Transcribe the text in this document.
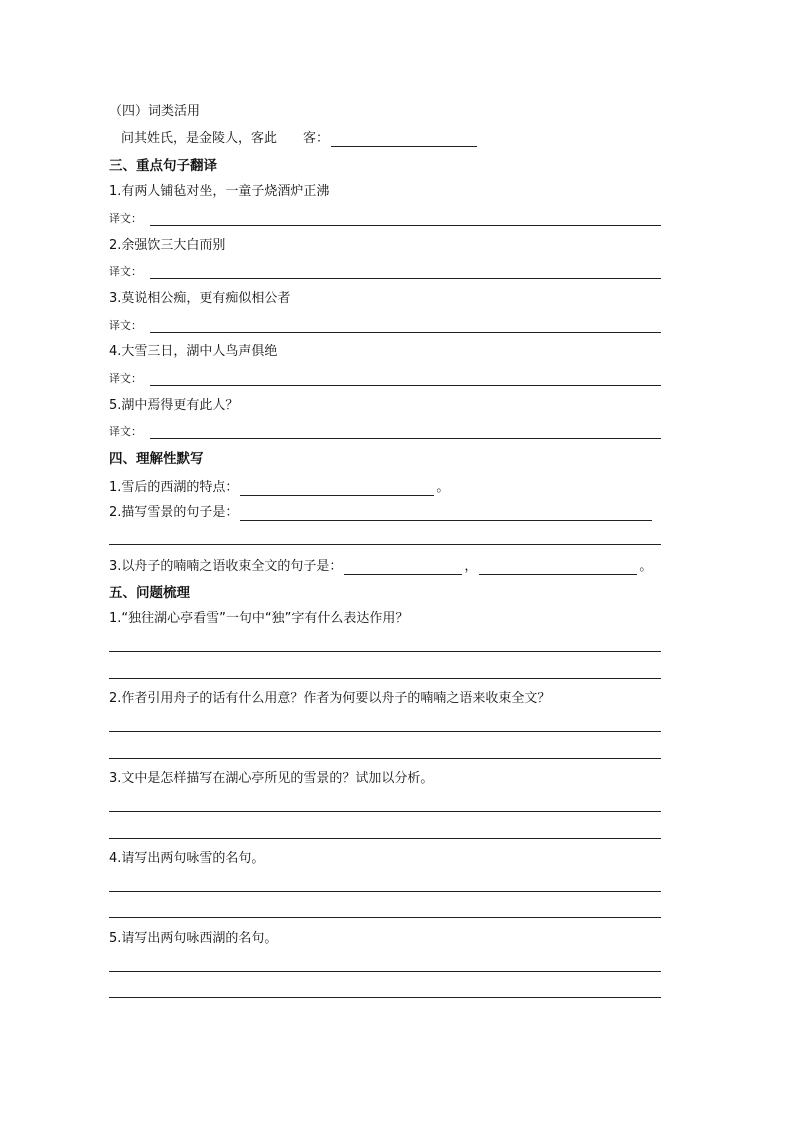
（四）词类活用
问其姓氏，是金陵人，客此 客：
三、重点句子翻译
1.有两人铺毡对坐，一童子烧酒炉正沸
译文：
2.余强饮三大白而别
译文：
3.莫说相公痴，更有痴似相公者
译文：
4.大雪三日，湖中人鸟声俱绝
译文：
5.湖中焉得更有此人？
译文：
四、理解性默写
1.雪后的西湖的特点：	。
2.描写雪景的句子是：
3.以舟子的喃喃之语收束全文的句子是：	，	。
五、问题梳理
1.“独往湖心亭看雪”一句中“独”字有什么表达作用？
2.作者引用舟子的话有什么用意？作者为何要以舟子的喃喃之语来收束全文？
3.文中是怎样描写在湖心亭所见的雪景的？试加以分析。
4.请写出两句咏雪的名句。
5.请写出两句咏西湖的名句。
